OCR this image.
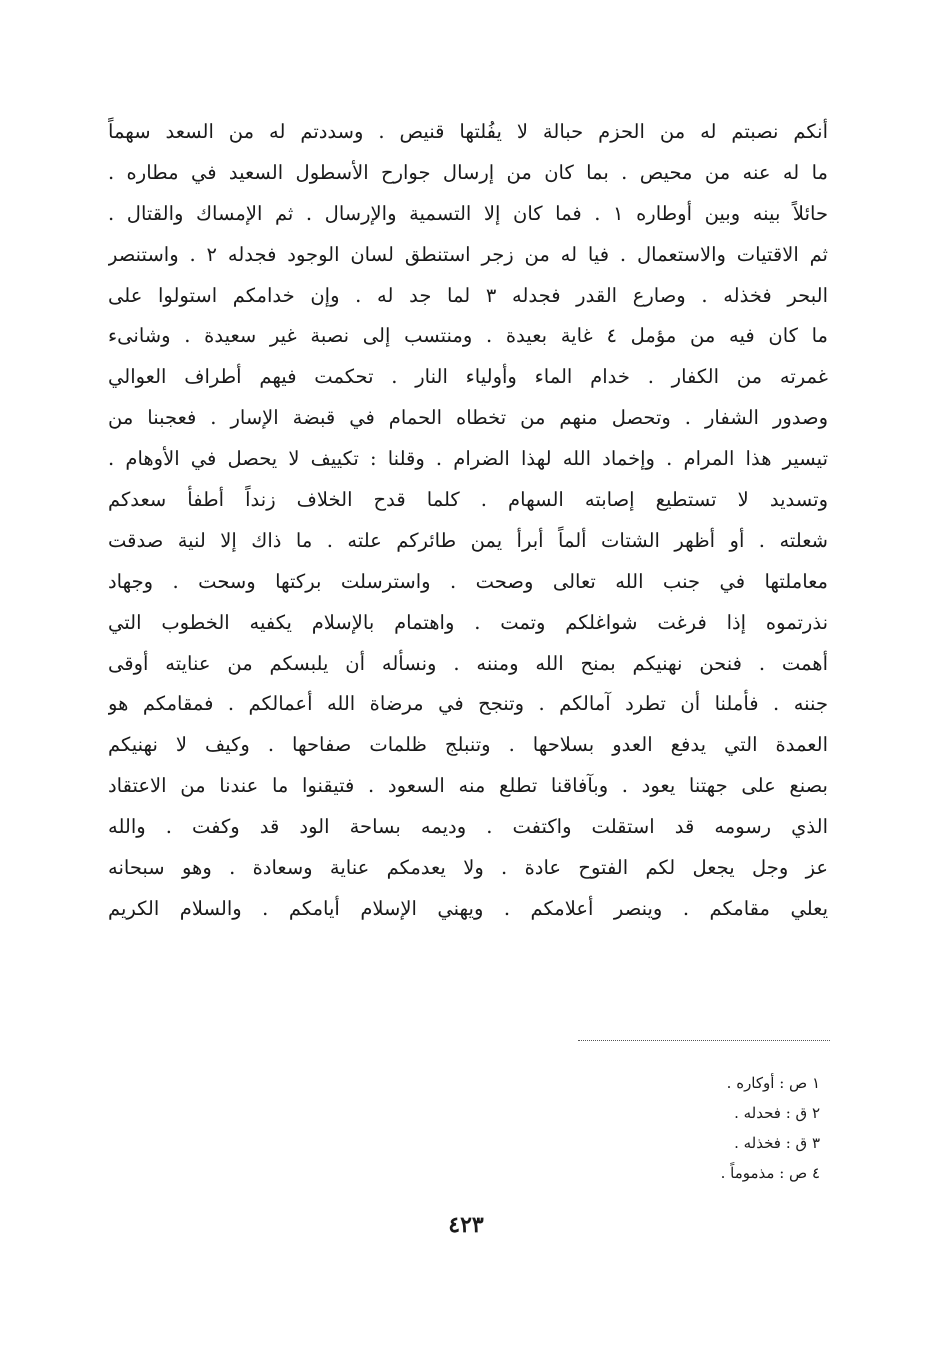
أنكم نصبتم له من الحزم حبالة لا يفُلتها قنيص . وسددتم له من السعد سهماً
ما له عنه من محيص . بما كان من إرسال جوارح الأسطول السعيد في مطاره .
حائلاً بينه وبين أوطاره ١ . فما كان إلا التسمية والإرسال . ثم الإمساك والقتال .
ثم الاقتيات والاستعمال . فيا له من زجر استنطق لسان الوجود فجدله ٢ . واستنصر
البحر فخذله . وصارع القدر فجدله ٣ لما جد له . وإن خدامكم استولوا على
ما كان فيه من مؤمل ٤ غاية بعيدة . ومنتسب إلى نصبة غير سعيدة . وشانىء
غمرته من الكفار . خدام الماء وأولياء النار . تحكمت فيهم أطراف العوالي
وصدور الشفار . وتحصل منهم من تخطاه الحمام في قبضة الإسار . فعجبنا من
تيسير هذا المرام . وإخماد الله لهذا الضرام . وقلنا : تكييف لا يحصل في الأوهام .
وتسديد لا تستطيع إصابته السهام . كلما قدح الخلاف زنداً أطفأ سعدكم
شعلته . أو أظهر الشتات ألماً أبرأ يمن طائركم علته . ما ذاك إلا لنية صدقت
معاملتها في جنب الله تعالى وصحت . واسترسلت بركتها وسحت . وجهاد
نذرتموه إذا فرغت شواغلكم وتمت . واهتمام بالإسلام يكفيه الخطوب التي
أهمت . فنحن نهنيكم بمنح الله ومننه . ونسأله أن يلبسكم من عنايته أوقى
جننه . فأملنا أن تطرد آمالكم . وتنجح في مرضاة الله أعمالكم . فمقامكم هو
العمدة التي يدفع العدو بسلاحها . وتنبلج ظلمات صفاحها . وكيف لا نهنيكم
بصنع على جهتنا يعود . وبآفاقنا تطلع منه السعود . فتيقنوا ما عندنا من الاعتقاد
الذي رسومه قد استقلت واكتفت . وديمه بساحة الود قد وكفت . والله
عز وجل يجعل لكم الفتوح عادة . ولا يعدمكم عناية وسعادة . وهو سبحانه
يعلي مقامكم . وينصر أعلامكم . ويهني الإسلام أيامكم . والسلام الكريم
١ ص : أوكاره .
٢ ق : فحدله .
٣ ق : فخذله .
٤ ص : مذموماً .
٤٢٣
